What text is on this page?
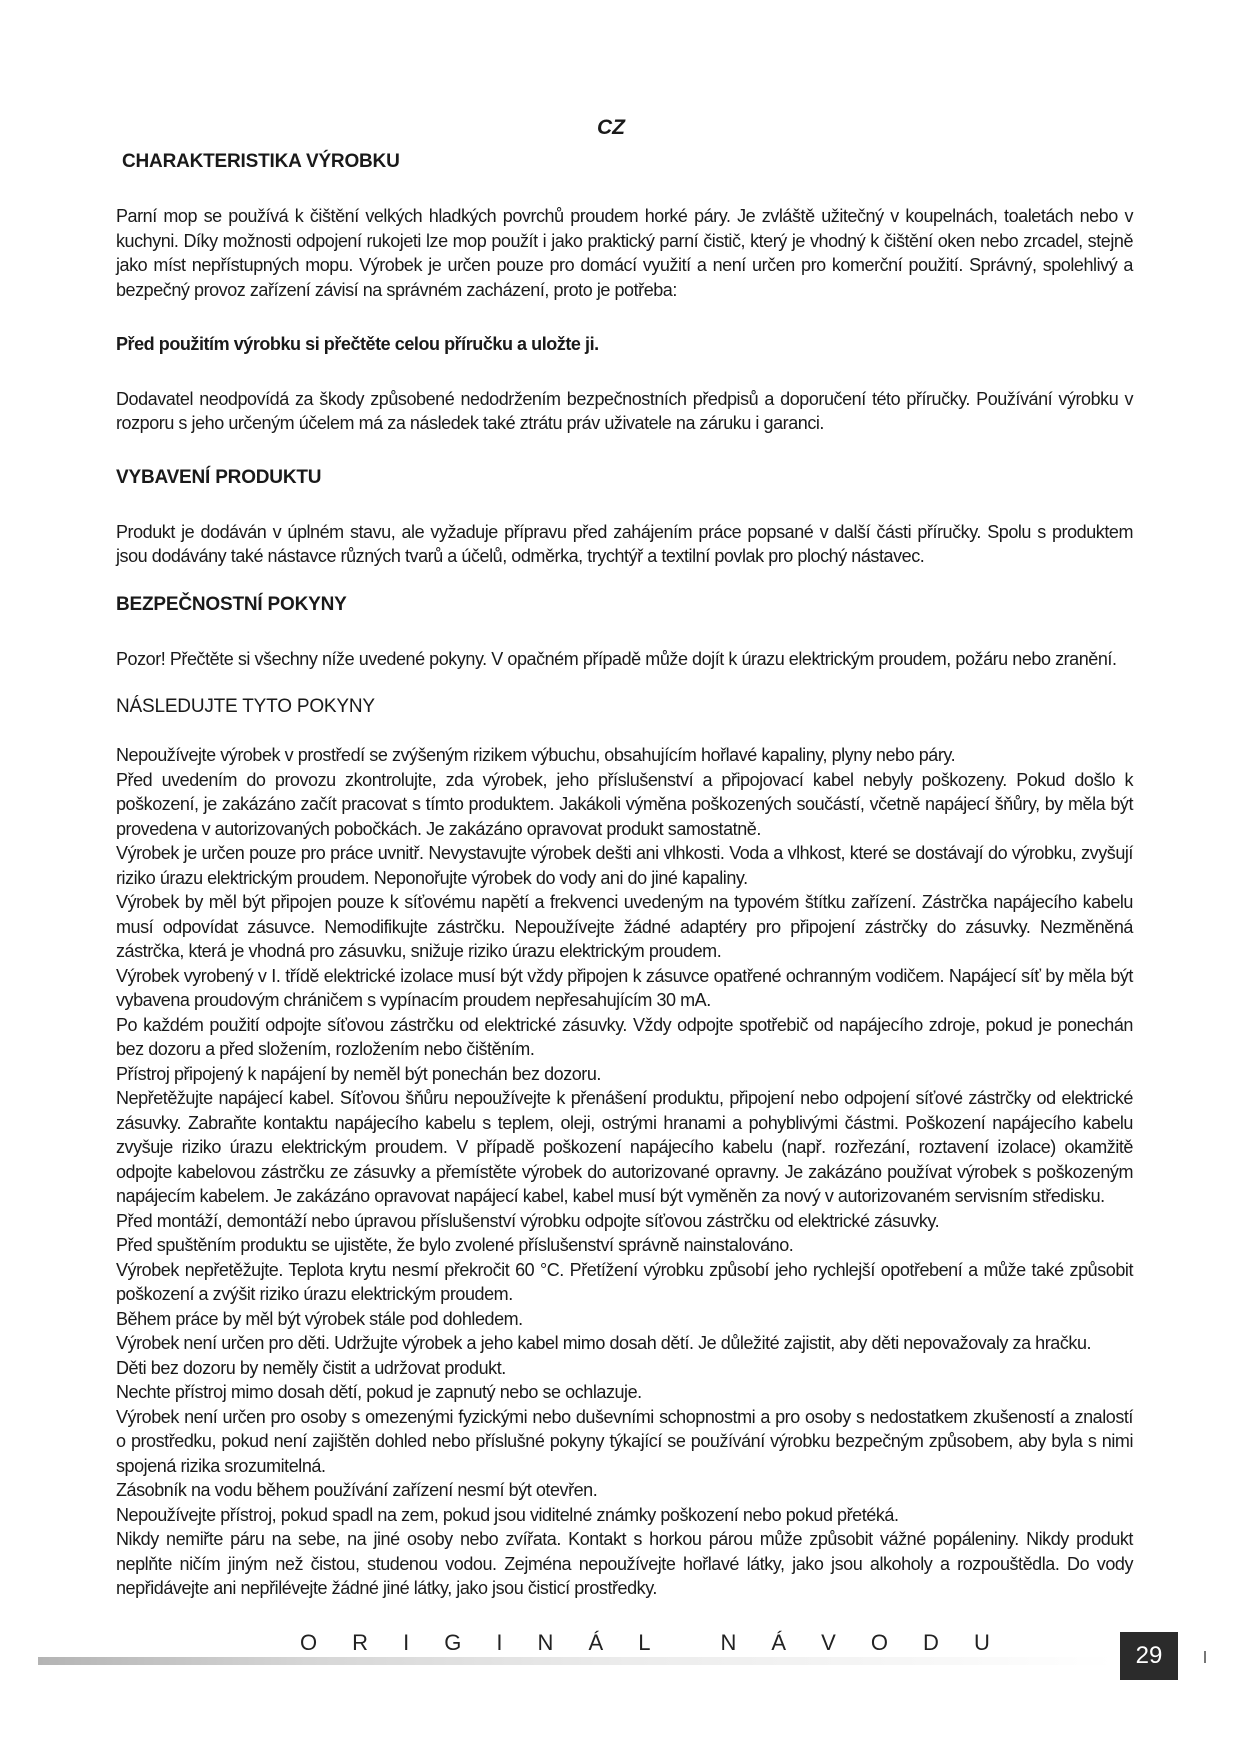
CZ
CHARAKTERISTIKA VÝROBKU

Parní mop se používá k čištění velkých hladkých povrchů proudem horké páry. Je zvláště užitečný v koupelnách, toaletách nebo v kuchyni. Díky možnosti odpojení rukojeti lze mop použít i jako praktický parní čistič, který je vhodný k čištění oken nebo zrcadel, stejně jako míst nepřístupných mopu. Výrobek je určen pouze pro domácí využití a není určen pro komerční použití. Správný, spolehlivý a bezpečný provoz zařízení závisí na správném zacházení, proto je potřeba:

Před použitím výrobku si přečtěte celou příručku a uložte ji.

Dodavatel neodpovídá za škody způsobené nedodržením bezpečnostních předpisů a doporučení této příručky. Používání výrobku v rozporu s jeho určeným účelem má za následek také ztrátu práv uživatele na záruku i garanci.

VYBAVENÍ PRODUKTU

Produkt je dodáván v úplném stavu, ale vyžaduje přípravu před zahájením práce popsané v další části příručky. Spolu s produktem jsou dodávány také nástavce různých tvarů a účelů, odměrka, trychtýř a textilní povlak pro plochý nástavec.

BEZPEČNOSTNÍ POKYNY

Pozor! Přečtěte si všechny níže uvedené pokyny. V opačném případě může dojít k úrazu elektrickým proudem, požáru nebo zranění.

NÁSLEDUJTE TYTO POKYNY

Nepoužívejte výrobek v prostředí se zvýšeným rizikem výbuchu, obsahujícím hořlavé kapaliny, plyny nebo páry.

Před uvedením do provozu zkontrolujte, zda výrobek, jeho příslušenství a připojovací kabel nebyly poškozeny. Pokud došlo k poškození, je zakázáno začít pracovat s tímto produktem. Jakákoli výměna poškozených součástí, včetně napájecí šňůry, by měla být provedena v autorizovaných pobočkách. Je zakázáno opravovat produkt samostatně.

Výrobek je určen pouze pro práce uvnitř. Nevystavujte výrobek dešti ani vlhkosti. Voda a vlhkost, které se dostávají do výrobku, zvyšují riziko úrazu elektrickým proudem. Neponořujte výrobek do vody ani do jiné kapaliny.

Výrobek by měl být připojen pouze k síťovému napětí a frekvenci uvedeným na typovém štítku zařízení. Zástrčka napájecího kabelu musí odpovídat zásuvce. Nemodifikujte zástrčku. Nepoužívejte žádné adaptéry pro připojení zástrčky do zásuvky. Nezměněná zástrčka, která je vhodná pro zásuvku, snižuje riziko úrazu elektrickým proudem.

Výrobek vyrobený v I. třídě elektrické izolace musí být vždy připojen k zásuvce opatřené ochranným vodičem. Napájecí síť by měla být vybavena proudovým chráničem s vypínacím proudem nepřesahujícím 30 mA.

Po každém použití odpojte síťovou zástrčku od elektrické zásuvky. Vždy odpojte spotřebič od napájecího zdroje, pokud je ponechán bez dozoru a před složením, rozložením nebo čištěním.

Přístroj připojený k napájení by neměl být ponechán bez dozoru.

Nepřetěžujte napájecí kabel. Síťovou šňůru nepoužívejte k přenášení produktu, připojení nebo odpojení síťové zástrčky od elektrické zásuvky. Zabraňte kontaktu napájecího kabelu s teplem, oleji, ostrými hranami a pohyblivými částmi. Poškození napájecího kabelu zvyšuje riziko úrazu elektrickým proudem. V případě poškození napájecího kabelu (např. rozřezání, roztavení izolace) okamžitě odpojte kabelovou zástrčku ze zásuvky a přemístěte výrobek do autorizované opravny. Je zakázáno používat výrobek s poškozeným napájecím kabelem. Je zakázáno opravovat napájecí kabel, kabel musí být vyměněn za nový v autorizovaném servisním středisku.

Před montáží, demontáží nebo úpravou příslušenství výrobku odpojte síťovou zástrčku od elektrické zásuvky.

Před spuštěním produktu se ujistěte, že bylo zvolené příslušenství správně nainstalováno.

Výrobek nepřetěžujte. Teplota krytu nesmí překročit 60 °C. Přetížení výrobku způsobí jeho rychlejší opotřebení a může také způsobit poškození a zvýšit riziko úrazu elektrickým proudem.

Během práce by měl být výrobek stále pod dohledem.

Výrobek není určen pro děti. Udržujte výrobek a jeho kabel mimo dosah dětí. Je důležité zajistit, aby děti nepovažovaly za hračku.

Děti bez dozoru by neměly čistit a udržovat produkt.

Nechte přístroj mimo dosah dětí, pokud je zapnutý nebo se ochlazuje.

Výrobek není určen pro osoby s omezenými fyzickými nebo duševními schopnostmi a pro osoby s nedostatkem zkušeností a znalostí o prostředku, pokud není zajištěn dohled nebo příslušné pokyny týkající se používání výrobku bezpečným způsobem, aby byla s nimi spojená rizika srozumitelná.

Zásobník na vodu během používání zařízení nesmí být otevřen.

Nepoužívejte přístroj, pokud spadl na zem, pokud jsou viditelné známky poškození nebo pokud přetéká.

Nikdy nemiřte páru na sebe, na jiné osoby nebo zvířata. Kontakt s horkou párou může způsobit vážné popáleniny. Nikdy produkt neplňte ničím jiným než čistou, studenou vodou. Zejména nepoužívejte hořlavé látky, jako jsou alkoholy a rozpouštědla. Do vody nepřidávejte ani nepřilévejte žádné jiné látky, jako jsou čisticí prostředky.

O R I G I N Á L	N Á V O D U	29
